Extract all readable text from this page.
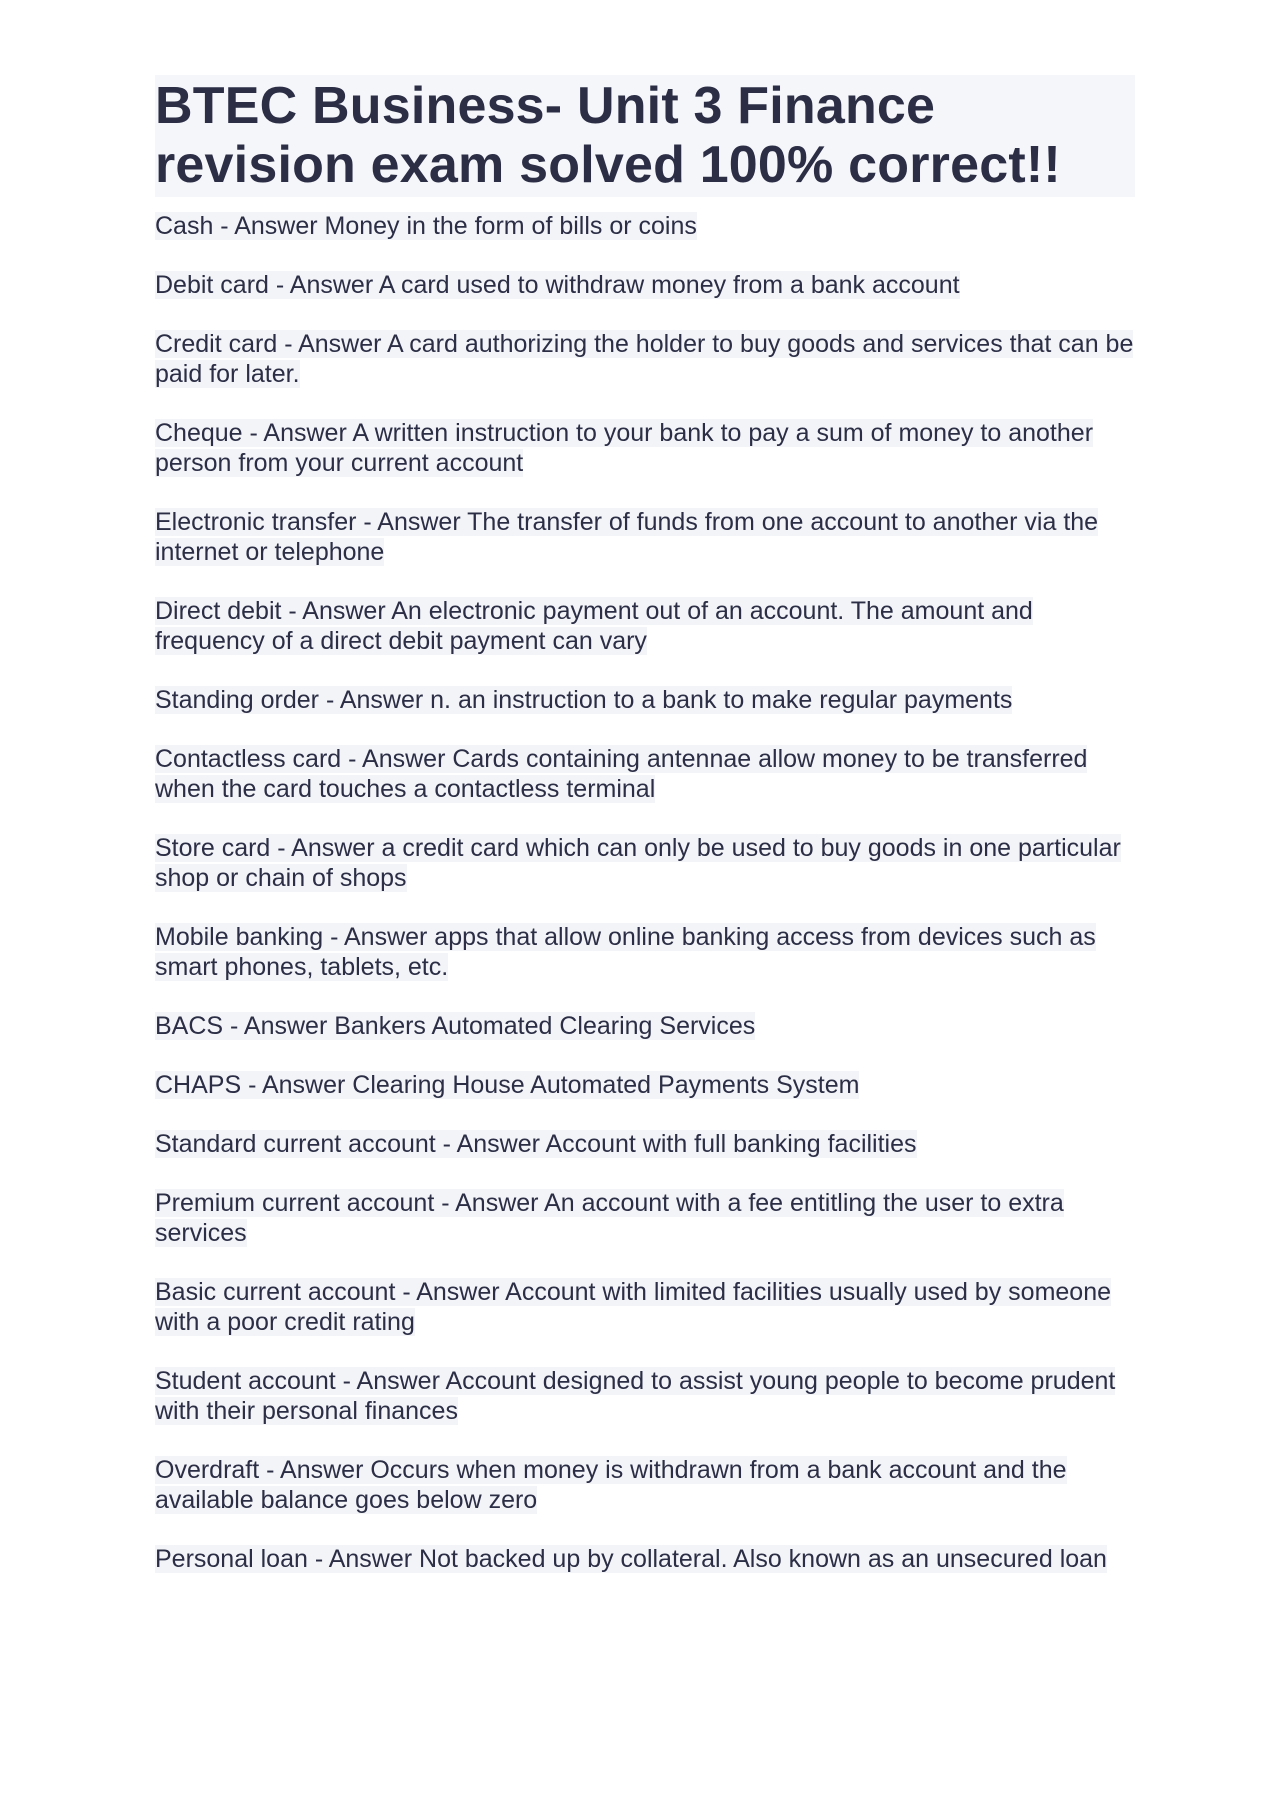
BTEC Business- Unit 3 Finance revision exam solved 100% correct!!
Cash - Answer Money in the form of bills or coins
Debit card - Answer A card used to withdraw money from a bank account
Credit card - Answer A card authorizing the holder to buy goods and services that can be paid for later.
Cheque - Answer A written instruction to your bank to pay a sum of money to another person from your current account
Electronic transfer - Answer The transfer of funds from one account to another via the internet or telephone
Direct debit - Answer An electronic payment out of an account. The amount and frequency of a direct debit payment can vary
Standing order - Answer n. an instruction to a bank to make regular payments
Contactless card - Answer Cards containing antennae allow money to be transferred when the card touches a contactless terminal
Store card - Answer a credit card which can only be used to buy goods in one particular shop or chain of shops
Mobile banking - Answer apps that allow online banking access from devices such as smart phones, tablets, etc.
BACS - Answer Bankers Automated Clearing Services
CHAPS - Answer Clearing House Automated Payments System
Standard current account - Answer Account with full banking facilities
Premium current account - Answer An account with a fee entitling the user to extra services
Basic current account - Answer Account with limited facilities usually used by someone with a poor credit rating
Student account - Answer Account designed to assist young people to become prudent with their personal finances
Overdraft - Answer Occurs when money is withdrawn from a bank account and the available balance goes below zero
Personal loan - Answer Not backed up by collateral. Also known as an unsecured loan
